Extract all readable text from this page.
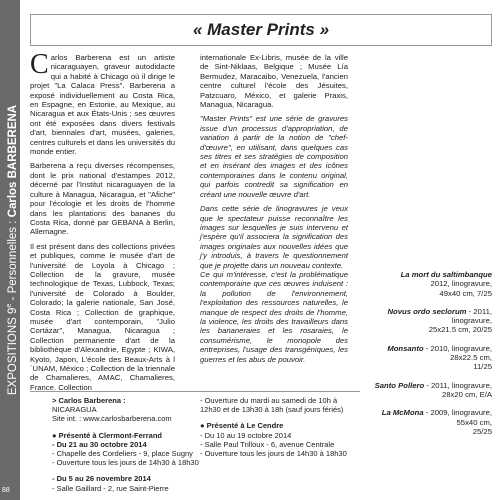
EXPOSITIONS 9e - Personnelles : Carlos BARBERENA
88
« Master Prints »

Carlos Barberena est un artiste nicaraguayen, graveur autodidacte qui a habité à Chicago où il dirige le projet "La Calaca Press". Barberena a exposé individuellement au Costa Rica, en Espagne, en Estonie, au Mexique, au Nicaragua et aux États-Unis ; ses œuvres ont été exposées dans divers festivals d'art, biennales d'art, musées, galeries, centres culturels et dans les universités du monde entier.

Barberena a reçu diverses récompenses, dont le prix national d'estampes 2012, décerné par l'Institut nicaraguayen de la culture à Managua, Nicaragua, et "Afiche" pour l'écologie et les droits de l'homme dans les plantations des bananes du Costa Rica, donné par GEBANA à Berlin, Allemagne.

Il est présent dans des collections privées et publiques, comme le musée d'art de l'université de Loyola à Chicago ; Collection de la gravure, musée technologique de Texas, Lubbock, Texas; l'université de Colorado à Boulder, Colorado; la galerie nationale, San José, Costa Rica ; Collection de graphique, musée d'art contemporain, "Julio Cortázar", Managua, Nicaragua ; Collection permanente d'art de la bibliothèque d'Alexandrie, Egypte ; KIWA, Kyoto, Japon, L'école des Beaux-Arts à l´UNAM, México ; Collection de la triennale de Chamalieres, AMAC, Chamalieres, France. Collection

internationale Ex-Libris, musée de la ville de Sint-Niklaas, Belgique ; Musée Lía Bermudez, Maracaibo, Venezuela, l'ancien centre culturel l'école des Jésuites, Patzcuaro, México, et galerie Praxis, Managua, Nicaragua.

"Master Prints" est une série de gravures issue d'un processus d'appropriation, de variation à partir de la notion de "chef-d'œuvre", en utilisant, dans quelques cas ses titres et ses stratégies de composition et en insérant des images et des icônes contemporaines dans le contenu original, qui parfois contredit sa signification en créant une nouvelle œuvre d'art.

Dans cette série de linogravures je veux que le spectateur puisse reconnaître les images sur lesquelles je suis intervenu et j'espère qu'il associera la signification des images originales aux nouvelles idées que j'y introduis, à travers le questionnement que je projette dans un nouveau contexte.

Ce qui m'intéresse, c'est la problématique contemporaine que ces œuvres induisent : la pollution de l'environnement, l'exploitation des ressources naturelles, le manque de respect des droits de l'homme, la violence, les droits des travailleurs dans les bananeraies et les rosaraies, le consumérisme, le monopole des entreprises, l'usage des transgéniques, les guerres et les abus de pouvoir.

La mort du saltimbanque
2012, linogravure,
49x40 cm, 7/25
Novus ordo seclorum - 2011, linogravure,
25x21.5 cm, 20/25
Monsanto - 2010, linogravure, 28x22.5 cm,
11/25
Santo Pollero - 2011, linogravure, 28x20 cm, E/A
La McMona - 2009, linogravure, 55x40 cm,
25/25
> Carlos Barberena :
NICARAGUA
Site int. : www.carlosbarberena.com
● Présenté à Clermont-Ferrand
- Du 21 au 30 octobre 2014
- Chapelle des Cordeliers - 9, place Sugny
- Ouverture tous les jours de 14h30 à 18h30
- Du 5 au 26 novembre 2014
- Salle Gaillard - 2, rue Saint-Pierre
- Ouverture du mardi au samedi de 10h à 12h30 et de 13h30 à 18h (sauf jours fériés)
● Présenté à Le Cendre
- Du 10 au 19 octobre 2014
- Salle Paul Trilloux - 6, avenue Centrale
- Ouverture tous les jours de 14h30 à 18h30
